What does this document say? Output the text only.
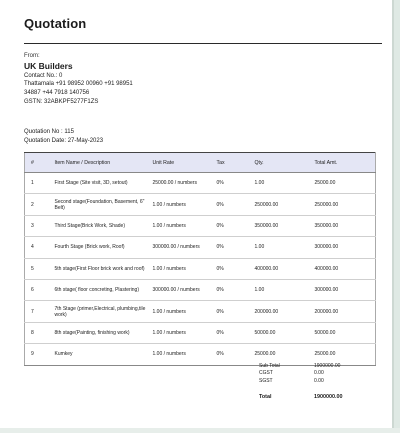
Quotation
From:
UK Builders
Contact No.: 0
Thattamala +91 98952 00960 +91 98951
34887 +44 7918 140756
GSTN: 32ABKPF5277F1ZS
Quotation No : 115
Quotation Date: 27-May-2023
#	Item Name / Description	Unit Rate	Tax	Qty.	Total Amt.
1	First Stage (Site visit, 3D, setout)	25000.00 / numbers	0%	1.00	25000.00
2	Second stage(Foundation, Basement, 6" Belt)	1.00 / numbers	0%	250000.00	250000.00
3	Third Stage(Brick Work, Shade)	1.00 / numbers	0%	350000.00	350000.00
4	Fourth Stage (Brick work, Roof)	300000.00 / numbers	0%	1.00	300000.00
5	5th stage(First Floor brick work and roof)	1.00 / numbers	0%	400000.00	400000.00
6	6th stage( floor concreting, Plastering)	300000.00 / numbers	0%	1.00	300000.00
7	7th Stage (primer,Electrical, plumbing,tile work)	1.00 / numbers	0%	200000.00	200000.00
8	8th stage(Painting, finishing work)	1.00 / numbers	0%	50000.00	50000.00
9	Kumkey	1.00 / numbers	0%	25000.00	25000.00
Sub Total	1900000.00
CGST	0.00
SGST	0.00
Total	1900000.00
